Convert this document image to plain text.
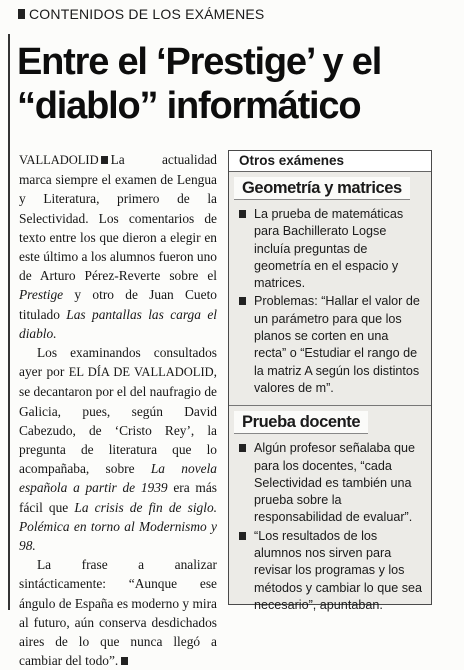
CONTENIDOS DE LOS EXÁMENES
Entre el ‘Prestige’ y el
“diablo” informático

VALLADOLID La actualidad marca siempre el examen de Lengua y Literatura, primero de la Selectividad. Los comentarios de texto entre los que dieron a elegir en este último a los alumnos fueron uno de Arturo Pérez-Reverte sobre el Prestige y otro de Juan Cueto titulado Las pantallas las carga el diablo.

Los examinandos consultados ayer por EL DÍA DE VALLADOLID, se decantaron por el del naufragio de Galicia, pues, según David Cabezudo, de ‘Cristo Rey’, la pregunta de literatura que lo acompañaba, sobre La novela española a partir de 1939 era más fácil que La crisis de fin de siglo. Polémica en torno al Modernismo y 98.

La frase a analizar sintácticamente: “Aunque ese ángulo de España es moderno y mira al futuro, aún conserva desdichados aires de lo que nunca llegó a cambiar del todo”.

Otros exámenes
Geometría y matrices
La prueba de matemáticas para Bachillerato Logse incluía preguntas de geometría en el espacio y matrices.
Problemas: “Hallar el valor de un parámetro para que los planos se corten en una recta” o “Estudiar el rango de la matriz A según los distintos valores de m”.
Prueba docente
Algún profesor señalaba que para los docentes, “cada Selectividad es también una prueba sobre la responsabilidad de evaluar”.
“Los resultados de los alumnos nos sirven para revisar los programas y los métodos y cambiar lo que sea necesario”, apuntaban.
